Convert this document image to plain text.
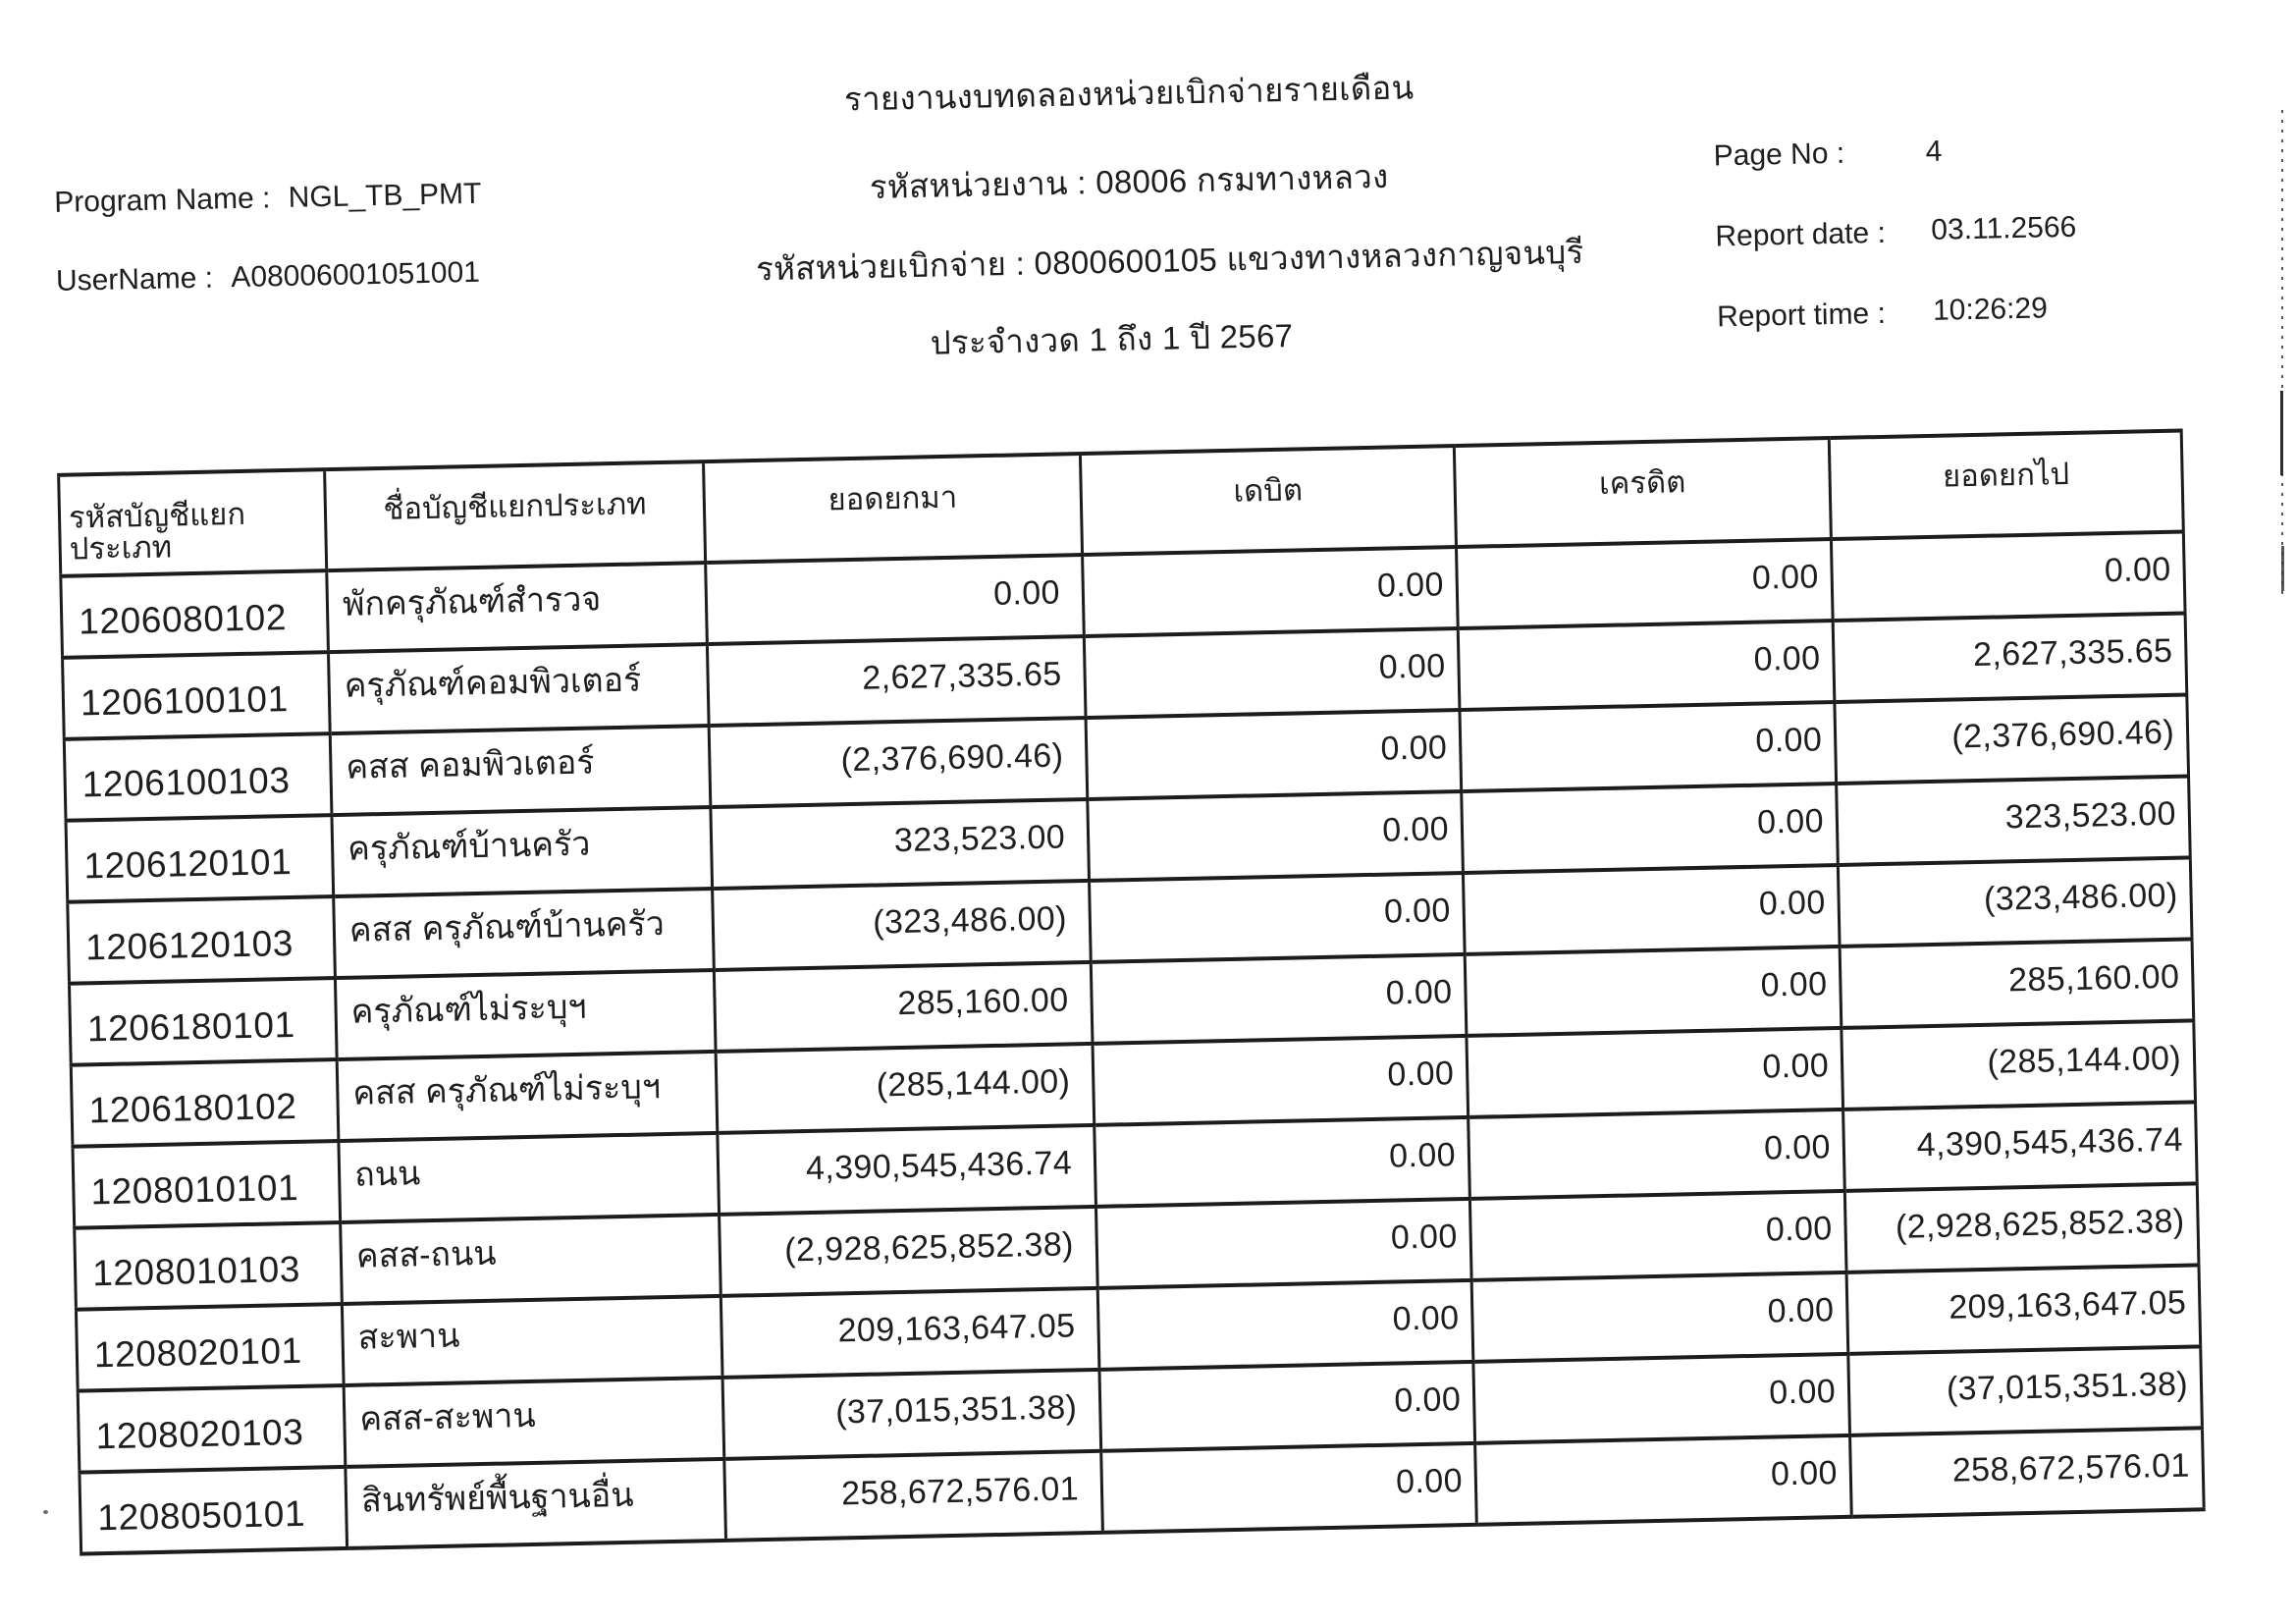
รายงานงบทดลองหน่วยเบิกจ่ายรายเดือน
รหัสหน่วยงาน : 08006 กรมทางหลวง
รหัสหน่วยเบิกจ่าย : 0800600105 แขวงทางหลวงกาญจนบุรี
ประจำงวด 1 ถึง 1 ปี 2567
Program Name : NGL_TB_PMT
UserName : A08006001051001
Page No :	4
Report date : 03.11.2566
Report time : 10:26:29
รหัสบัญชีแยกประเภท	ชื่อบัญชีแยกประเภท	ยอดยกมา	เดบิต	เครดิต	ยอดยกไป
1206080102	พักครุภัณฑ์สำรวจ	0.00	0.00	0.00	0.00
1206100101	ครุภัณฑ์คอมพิวเตอร์	2,627,335.65	0.00	0.00	2,627,335.65
1206100103	คสส คอมพิวเตอร์	(2,376,690.46)	0.00	0.00	(2,376,690.46)
1206120101	ครุภัณฑ์บ้านครัว	323,523.00	0.00	0.00	323,523.00
1206120103	คสส ครุภัณฑ์บ้านครัว	(323,486.00)	0.00	0.00	(323,486.00)
1206180101	ครุภัณฑ์ไม่ระบุฯ	285,160.00	0.00	0.00	285,160.00
1206180102	คสส ครุภัณฑ์ไม่ระบุฯ	(285,144.00)	0.00	0.00	(285,144.00)
1208010101	ถนน	4,390,545,436.74	0.00	0.00	4,390,545,436.74
1208010103	คสส-ถนน	(2,928,625,852.38)	0.00	0.00	(2,928,625,852.38)
1208020101	สะพาน	209,163,647.05	0.00	0.00	209,163,647.05
1208020103	คสส-สะพาน	(37,015,351.38)	0.00	0.00	(37,015,351.38)
1208050101	สินทรัพย์พื้นฐานอื่น	258,672,576.01	0.00	0.00	258,672,576.01
